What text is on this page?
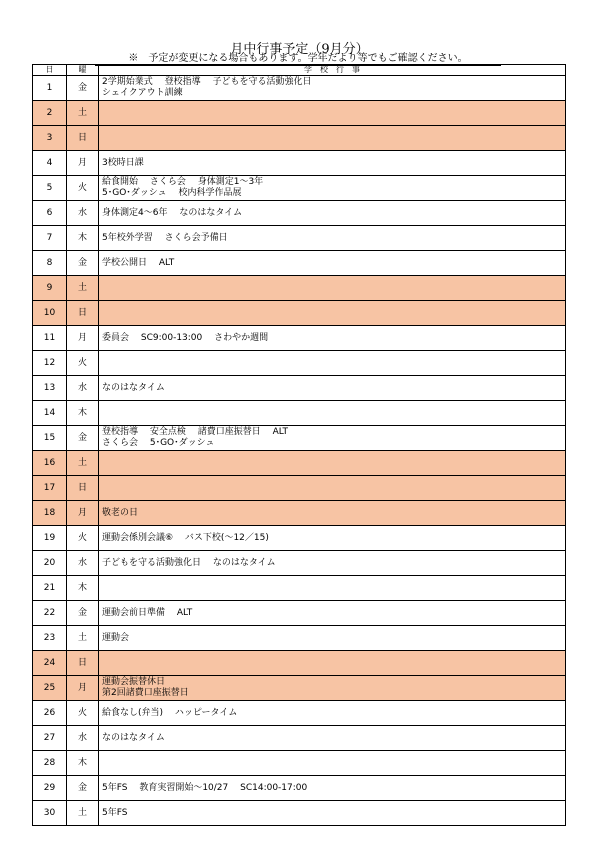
月中行事予定（9月分）
※　予定が変更になる場合もあります。学年だより等でもご確認ください。
日	曜	学　校　行　事
1	金	2学期始業式　 登校指導　 子どもを守る活動強化日
シェイクアウト訓練

2	土	
3	日	
4	月	3校時日課

5	火	給食開始　 さくら会　 身体測定1～3年
5･GO･ダッシュ　 校内科学作品展

6	水	身体測定4～6年　 なのはなタイム

7	木	5年校外学習　 さくら会予備日

8	金	学校公開日　 ALT

9	土	
10	日	
11	月	委員会　 SC9:00-13:00　 さわやか週間

12	火	
13	水	なのはなタイム

14	木	
15	金	登校指導　 安全点検　 諸費口座振替日　 ALT
さくら会　 5･GO･ダッシュ

16	土	
17	日	
18	月	敬老の日

19	火	運動会係別会議⑥　 バス下校(～12／15)

20	水	子どもを守る活動強化日　 なのはなタイム

21	木	
22	金	運動会前日準備　 ALT

23	土	運動会

24	日	
25	月	運動会振替休日
第2回諸費口座振替日

26	火	給食なし(弁当)　 ハッピータイム

27	水	なのはなタイム

28	木	
29	金	5年FS　 教育実習開始～10/27　 SC14:00-17:00

30	土	5年FS
